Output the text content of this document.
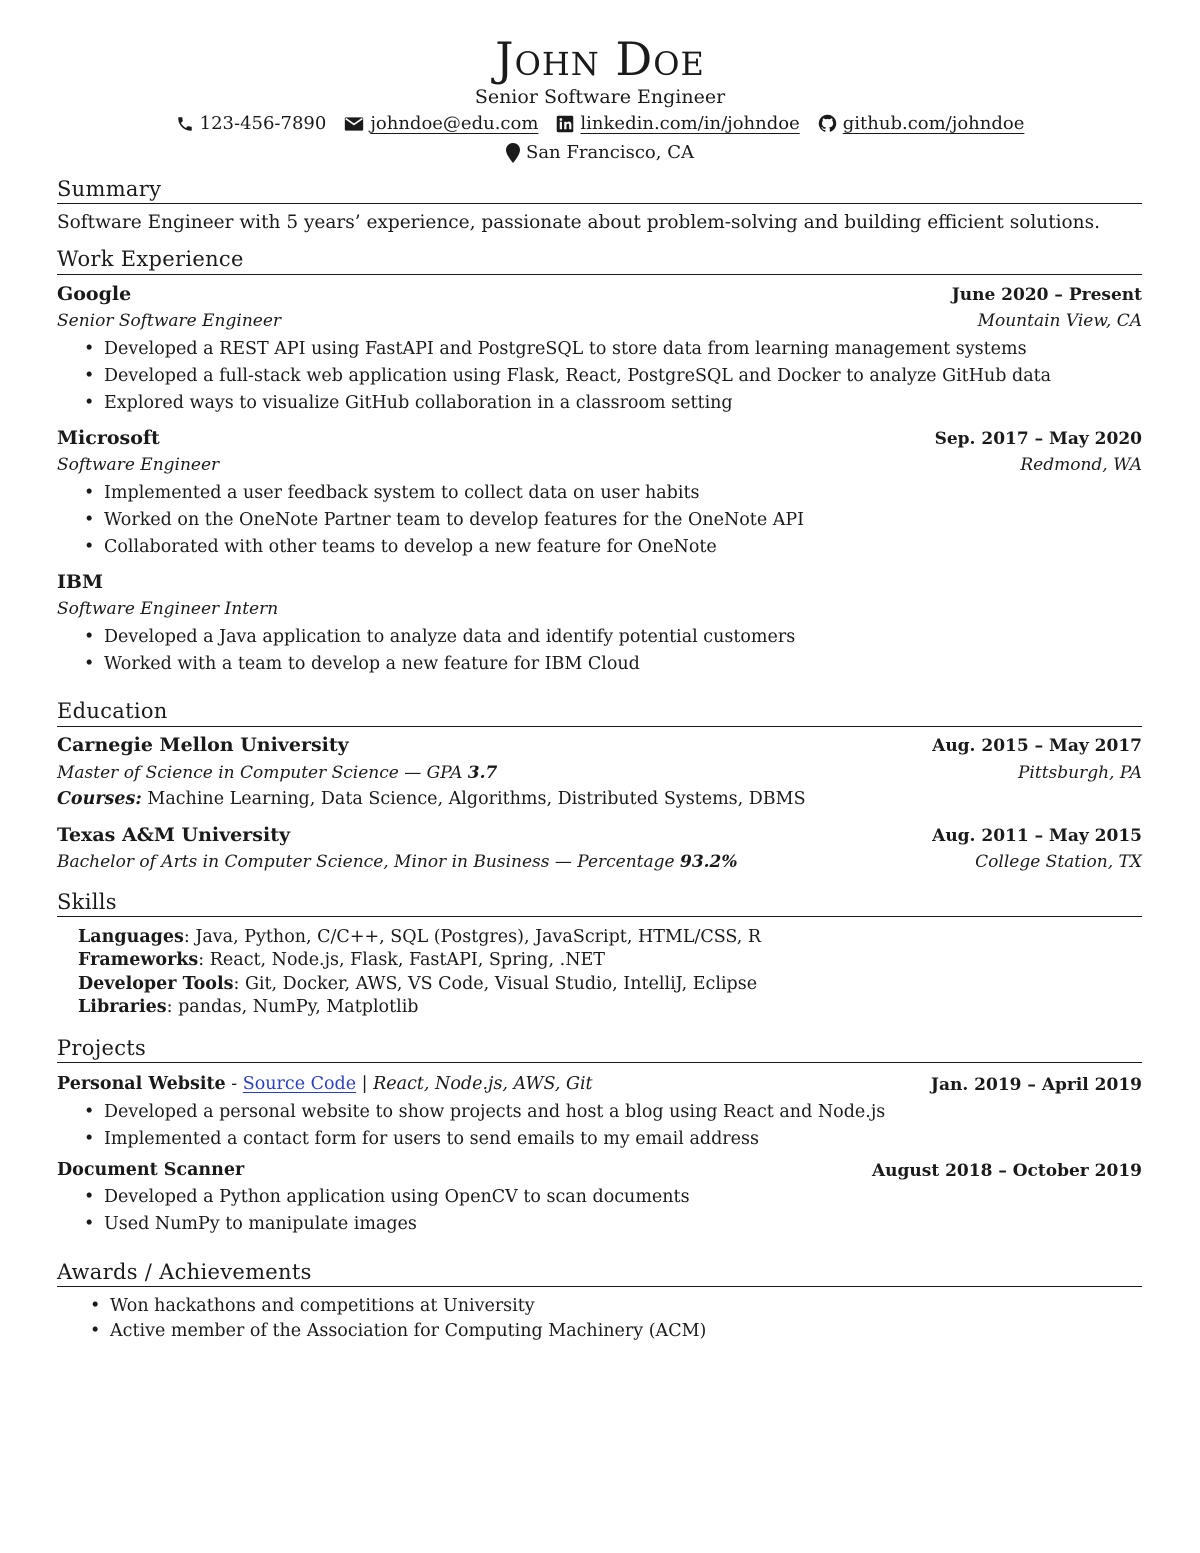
John Doe
Senior Software Engineer
123-456-7890 johndoe@edu.com linkedin.com/in/johndoe github.com/johndoe
San Francisco, CA
Summary
Software Engineer with 5 years’ experience, passionate about problem-solving and building efficient solutions.
Work Experience
Google	June 2020 – Present
Senior Software Engineer	Mountain View, CA
• Developed a REST API using FastAPI and PostgreSQL to store data from learning management systems
• Developed a full-stack web application using Flask, React, PostgreSQL and Docker to analyze GitHub data
• Explored ways to visualize GitHub collaboration in a classroom setting
Microsoft	Sep. 2017 – May 2020
Software Engineer	Redmond, WA
• Implemented a user feedback system to collect data on user habits
• Worked on the OneNote Partner team to develop features for the OneNote API
• Collaborated with other teams to develop a new feature for OneNote
IBM
Software Engineer Intern
• Developed a Java application to analyze data and identify potential customers
• Worked with a team to develop a new feature for IBM Cloud
Education
Carnegie Mellon University	Aug. 2015 – May 2017
Master of Science in Computer Science — GPA 3.7	Pittsburgh, PA
Courses: Machine Learning, Data Science, Algorithms, Distributed Systems, DBMS
Texas A&M University	Aug. 2011 – May 2015
Bachelor of Arts in Computer Science, Minor in Business — Percentage 93.2%	College Station, TX
Skills
Languages: Java, Python, C/C++, SQL (Postgres), JavaScript, HTML/CSS, R
Frameworks: React, Node.js, Flask, FastAPI, Spring, .NET
Developer Tools: Git, Docker, AWS, VS Code, Visual Studio, IntelliJ, Eclipse
Libraries: pandas, NumPy, Matplotlib
Projects
Personal Website - Source Code | React, Node.js, AWS, Git	Jan. 2019 – April 2019
• Developed a personal website to show projects and host a blog using React and Node.js
• Implemented a contact form for users to send emails to my email address
Document Scanner	August 2018 – October 2019
• Developed a Python application using OpenCV to scan documents
• Used NumPy to manipulate images
Awards / Achievements
• Won hackathons and competitions at University
• Active member of the Association for Computing Machinery (ACM)
